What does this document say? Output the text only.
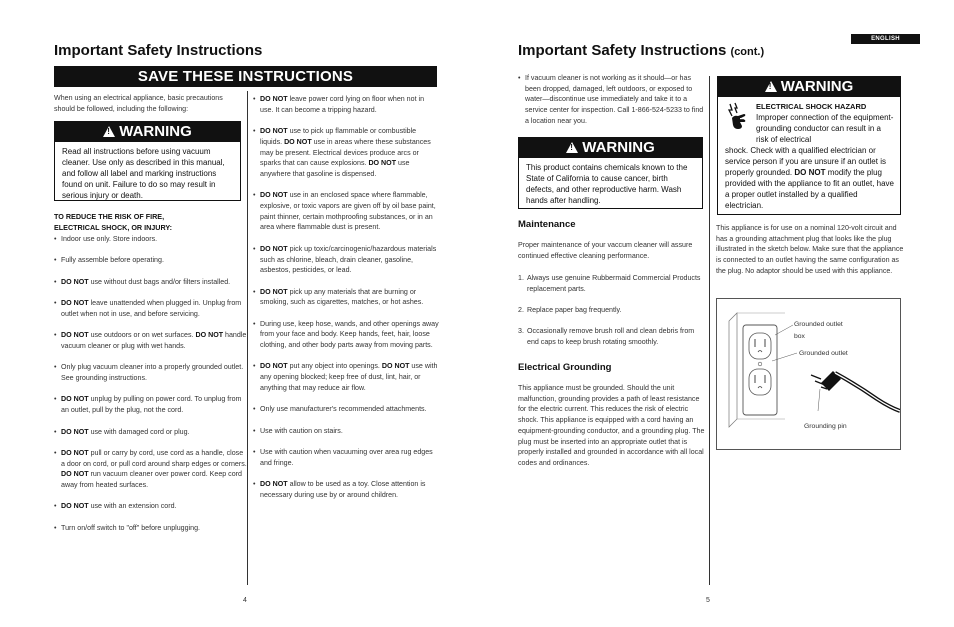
ENGLISH
Important Safety Instructions
SAVE THESE INSTRUCTIONS
When using an electrical appliance, basic precautions should be followed, including the following:
!WARNING
Read all instructions before using vacuum cleaner. Use only as described in this manual, and follow all label and marking instructions found on unit. Failure to do so may result in serious injury or death.
TO REDUCE THE RISK OF FIRE,
ELECTRICAL SHOCK, OR INJURY:
• Indoor use only. Store indoors.
• Fully assemble before operating.
• DO NOT use without dust bags and/or filters installed.
• DO NOT leave unattended when plugged in. Unplug from outlet when not in use, and before servicing.
• DO NOT use outdoors or on wet surfaces. DO NOT handle vacuum cleaner or plug with wet hands.
• Only plug vacuum cleaner into a properly grounded outlet. See grounding instructions.
• DO NOT unplug by pulling on power cord. To unplug from an outlet, pull by the plug, not the cord.
• DO NOT use with damaged cord or plug.
• DO NOT pull or carry by cord, use cord as a handle, close a door on cord, or pull cord around sharp edges or corners. DO NOT run vacuum cleaner over power cord. Keep cord away from heated surfaces.
• DO NOT use with an extension cord.
• Turn on/off switch to "off" before unplugging.
• DO NOT leave power cord lying on floor when not in use. It can become a tripping hazard.
• DO NOT use to pick up flammable or combustible liquids. DO NOT use in areas where these substances may be present. Electrical devices produce arcs or sparks that can cause explosions. DO NOT use anywhere that gasoline is dispensed.
• DO NOT use in an enclosed space where flammable, explosive, or toxic vapors are given off by oil base paint, paint thinner, certain mothproofing substances, or in an area where flammable dust is present.
• DO NOT pick up toxic/carcinogenic/hazardous materials such as chlorine, bleach, drain cleaner, gasoline, asbestos, pesticides, or lead.
• DO NOT pick up any materials that are burning or smoking, such as cigarettes, matches, or hot ashes.
• During use, keep hose, wands, and other openings away from your face and body. Keep hands, feet, hair, loose clothing, and other body parts away from moving parts.
• DO NOT put any object into openings. DO NOT use with any opening blocked; keep free of dust, lint, hair, or anything that may reduce air flow.
• Only use manufacturer's recommended attachments.
• Use with caution on stairs.
• Use with caution when vacuuming over area rug edges and fringe.
• DO NOT allow to be used as a toy. Close attention is necessary during use by or around children.
4
Important Safety Instructions (cont.)
• If vacuum cleaner is not working as it should—or has been dropped, damaged, left outdoors, or exposed to water—discontinue use immediately and take it to a service center for inspection. Call 1-866-524-5233 to find a location near you.
!WARNING
This product contains chemicals known to the State of California to cause cancer, birth defects, and other reproductive harm. Wash hands after handling.
Maintenance
Proper maintenance of your vaccum cleaner will assure continued effective cleaning performance.
1. Always use genuine Rubbermaid Commercial Products replacement parts.
2. Replace paper bag frequently.
3. Occasionally remove brush roll and clean debris from end caps to keep brush rotating smoothly.
Electrical Grounding
This appliance must be grounded. Should the unit malfunction, grounding provides a path of least resistance for the electric current. This reduces the risk of electric shock. This appliance is equipped with a cord having an equipment-grounding conductor, and a grounding plug. The plug must be inserted into an appropriate outlet that is properly installed and grounded in accordance with all local codes and ordinances.
!WARNING
ELECTRICAL SHOCK HAZARD
Improper connection of the equipment-grounding conductor can result in a risk of electrical
shock. Check with a qualified electrician or service person if you are unsure if an outlet is properly grounded. DO NOT modify the plug provided with the appliance to fit an outlet, have a proper outlet installed by a qualified electrician.
This appliance is for use on a nominal 120-volt circuit and has a grounding attachment plug that looks like the plug illustrated in the sketch below. Make sure that the appliance is connected to an outlet having the same configuration as the plug. No adaptor should be used with this appliance.
Grounded outlet box
Grounded outlet
Grounding pin
5
